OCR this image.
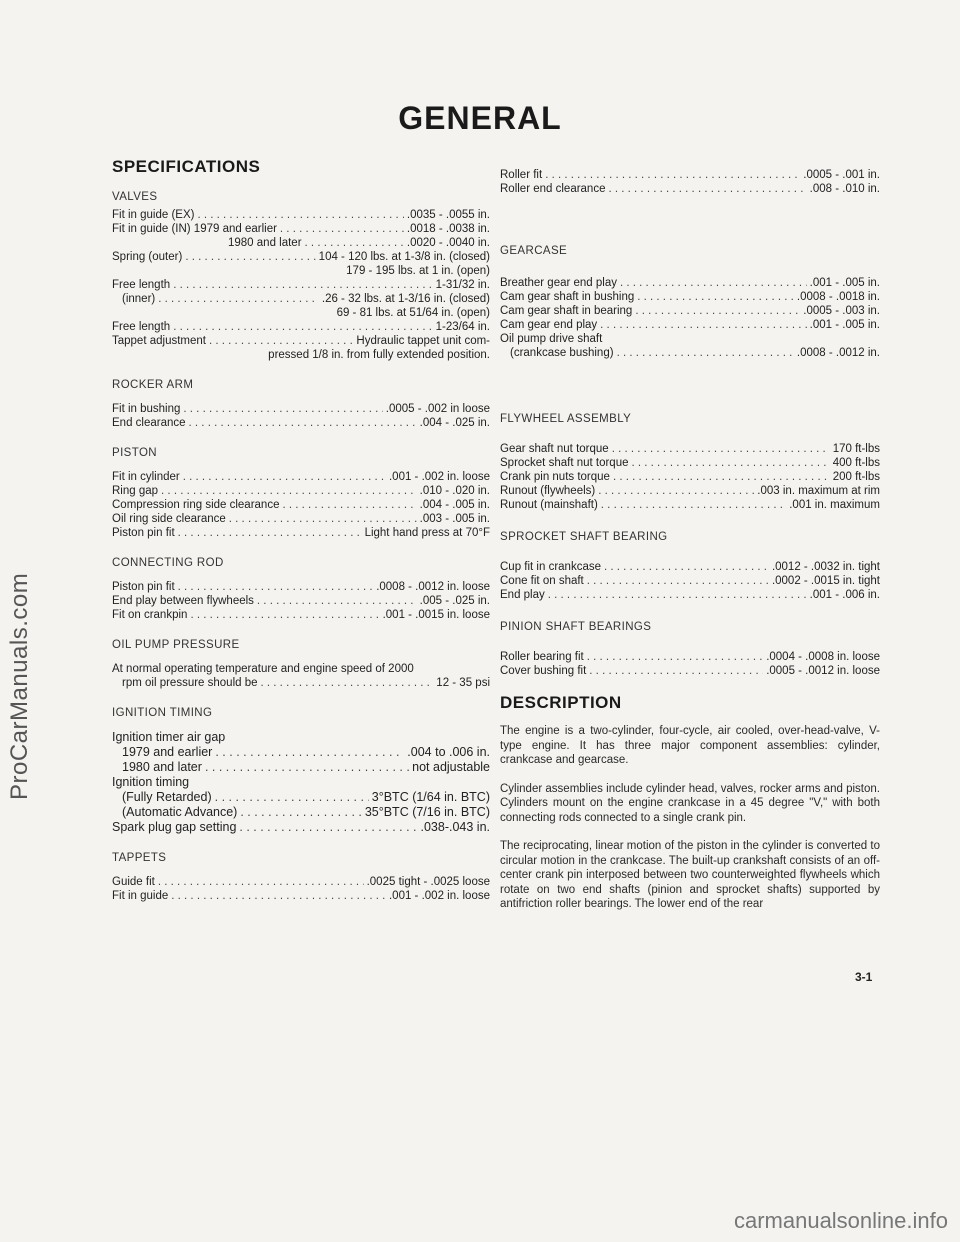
ProCarManuals.com
carmanualsonline.info
GENERAL
SPECIFICATIONS
VALVES
Fit in guide (EX) . . .	.0035 - .0055 in.
Fit in guide (IN) 1979 and earlier . . .	.0018 - .0038 in.
1980 and later . . .	.0020 - .0040 in.
Spring (outer) . . .	104 - 120 lbs. at 1-3/8 in. (closed)
179 - 195 lbs. at 1 in. (open)
Free length . . .	1-31/32 in.
(inner) . . .	.26 - 32 lbs. at 1-3/16 in. (closed)
69 - 81 lbs. at 51/64 in. (open)
Free length . . .	1-23/64 in.
Tappet adjustment . . .	Hydraulic tappet unit com-
pressed 1/8 in. from fully extended position.
ROCKER ARM
Fit in bushing . . .	.0005 - .002 in loose
End clearance . . .	.004 - .025 in.
PISTON
Fit in cylinder . . .	.001 - .002 in. loose
Ring gap . . .	.010 - .020 in.
Compression ring side clearance . . .	.004 - .005 in.
Oil ring side clearance . . .	.003 - .005 in.
Piston pin fit . . .	Light hand press at 70°F
CONNECTING ROD
Piston pin fit . . .	.0008 - .0012 in. loose
End play between flywheels . . .	.005 - .025 in.
Fit on crankpin . . .	.001 - .0015 in. loose
OIL PUMP PRESSURE
At normal operating temperature and engine speed of 2000
rpm oil pressure should be . . .	12 - 35 psi
IGNITION TIMING
Ignition timer air gap
1979 and earlier . . .	.004 to .006 in.
1980 and later . . .	not adjustable
Ignition timing
(Fully Retarded) . . .	3°BTC (1/64 in. BTC)
(Automatic Advance) . . .	35°BTC (7/16 in. BTC)
Spark plug gap setting . . .	.038-.043 in.
TAPPETS
Guide fit . . .	.0025 tight - .0025 loose
Fit in guide . . .	.001 - .002 in. loose
Roller fit . . .	.0005 - .001 in.
Roller end clearance . . .	.008 - .010 in.
GEARCASE
Breather gear end play . . .	.001 - .005 in.
Cam gear shaft in bushing . . .	.0008 - .0018 in.
Cam gear shaft in bearing . . .	.0005 - .003 in.
Cam gear end play . . .	.001 - .005 in.
Oil pump drive shaft
(crankcase bushing) . . .	.0008 - .0012 in.
FLYWHEEL ASSEMBLY
Gear shaft nut torque . . .	170 ft-lbs
Sprocket shaft nut torque . . .	400 ft-lbs
Crank pin nuts torque . . .	200 ft-lbs
Runout (flywheels) . . .	.003 in. maximum at rim
Runout (mainshaft) . . .	.001 in. maximum
SPROCKET SHAFT BEARING
Cup fit in crankcase . . .	.0012 - .0032 in. tight
Cone fit on shaft . . .	.0002 - .0015 in. tight
End play . . .	.001 - .006 in.
PINION SHAFT BEARINGS
Roller bearing fit . . .	.0004 - .0008 in. loose
Cover bushing fit . . .	.0005 - .0012 in. loose
DESCRIPTION

The engine is a two-cylinder, four-cycle, air cooled, over-head-valve, V-type engine. It has three major component assemblies: cylinder, crankcase and gearcase.

Cylinder assemblies include cylinder head, valves, rocker arms and piston. Cylinders mount on the engine crankcase in a 45 degree "V," with both connecting rods connected to a single crank pin.

The reciprocating, linear motion of the piston in the cylinder is converted to circular motion in the crankcase. The built-up crankshaft consists of an off-center crank pin interposed between two counterweighted flywheels which rotate on two end shafts (pinion and sprocket shafts) supported by antifriction roller bearings. The lower end of the rear

3-1
